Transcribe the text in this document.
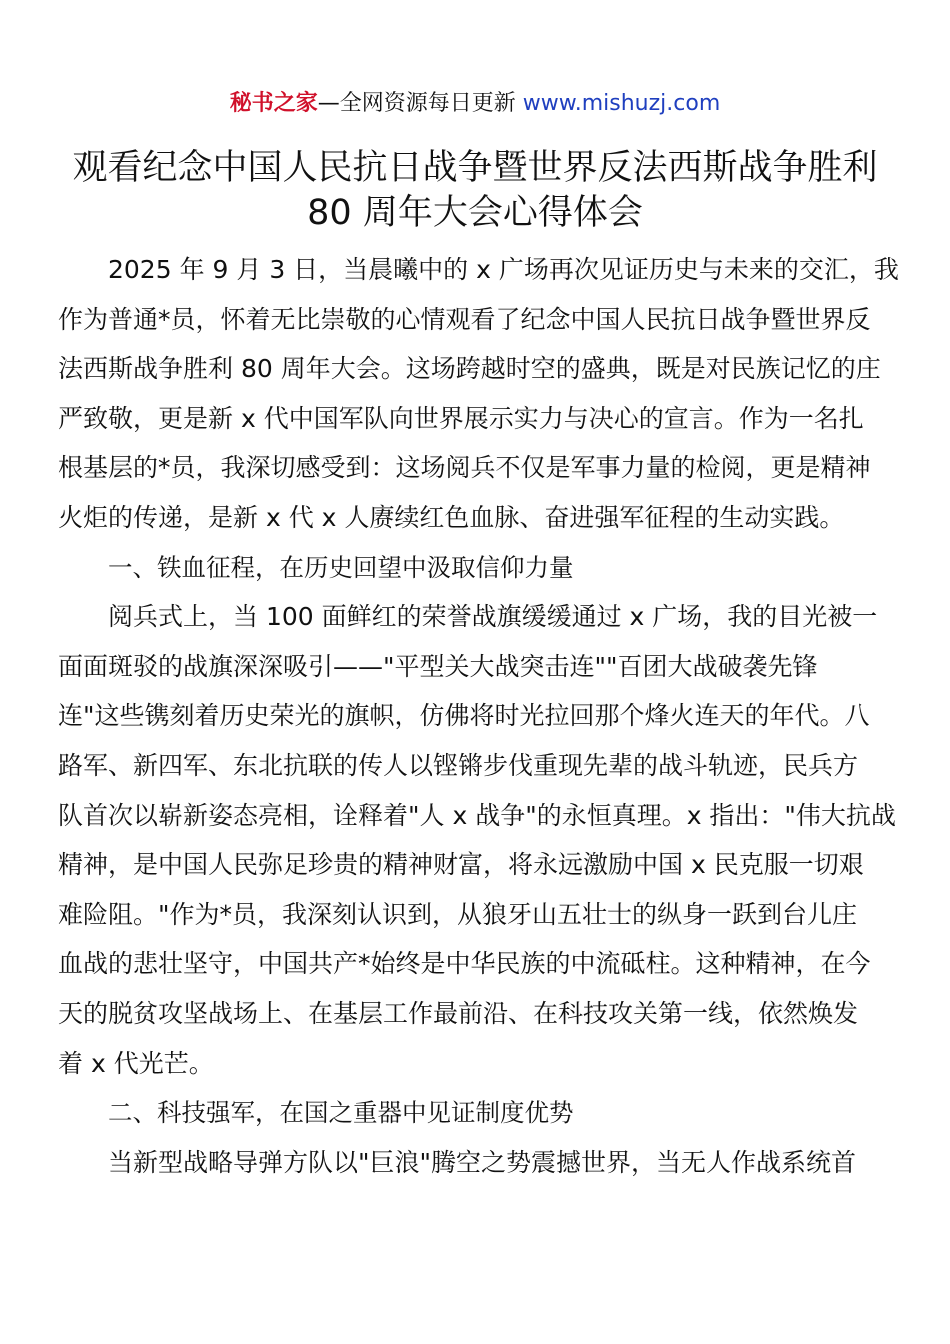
秘书之家—全网资源每日更新 www.mishuzj.com
观看纪念中国人民抗日战争暨世界反法西斯战争胜利
80 周年大会心得体会
2025 年 9 月 3 日，当晨曦中的 x 广场再次见证历史与未来的交汇，我
作为普通*员，怀着无比崇敬的心情观看了纪念中国人民抗日战争暨世界反
法西斯战争胜利 80 周年大会。这场跨越时空的盛典，既是对民族记忆的庄
严致敬，更是新 x 代中国军队向世界展示实力与决心的宣言。作为一名扎
根基层的*员，我深切感受到：这场阅兵不仅是军事力量的检阅，更是精神
火炬的传递，是新 x 代 x 人赓续红色血脉、奋进强军征程的生动实践。
一、铁血征程，在历史回望中汲取信仰力量
阅兵式上，当 100 面鲜红的荣誉战旗缓缓通过 x 广场，我的目光被一
面面斑驳的战旗深深吸引——"平型关大战突击连""百团大战破袭先锋
连"这些镌刻着历史荣光的旗帜，仿佛将时光拉回那个烽火连天的年代。八
路军、新四军、东北抗联的传人以铿锵步伐重现先辈的战斗轨迹，民兵方
队首次以崭新姿态亮相，诠释着"人 x 战争"的永恒真理。x 指出："伟大抗战
精神，是中国人民弥足珍贵的精神财富，将永远激励中国 x 民克服一切艰
难险阻。"作为*员，我深刻认识到，从狼牙山五壮士的纵身一跃到台儿庄
血战的悲壮坚守，中国共产*始终是中华民族的中流砥柱。这种精神，在今
天的脱贫攻坚战场上、在基层工作最前沿、在科技攻关第一线，依然焕发
着 x 代光芒。
二、科技强军，在国之重器中见证制度优势
当新型战略导弹方队以"巨浪"腾空之势震撼世界，当无人作战系统首
